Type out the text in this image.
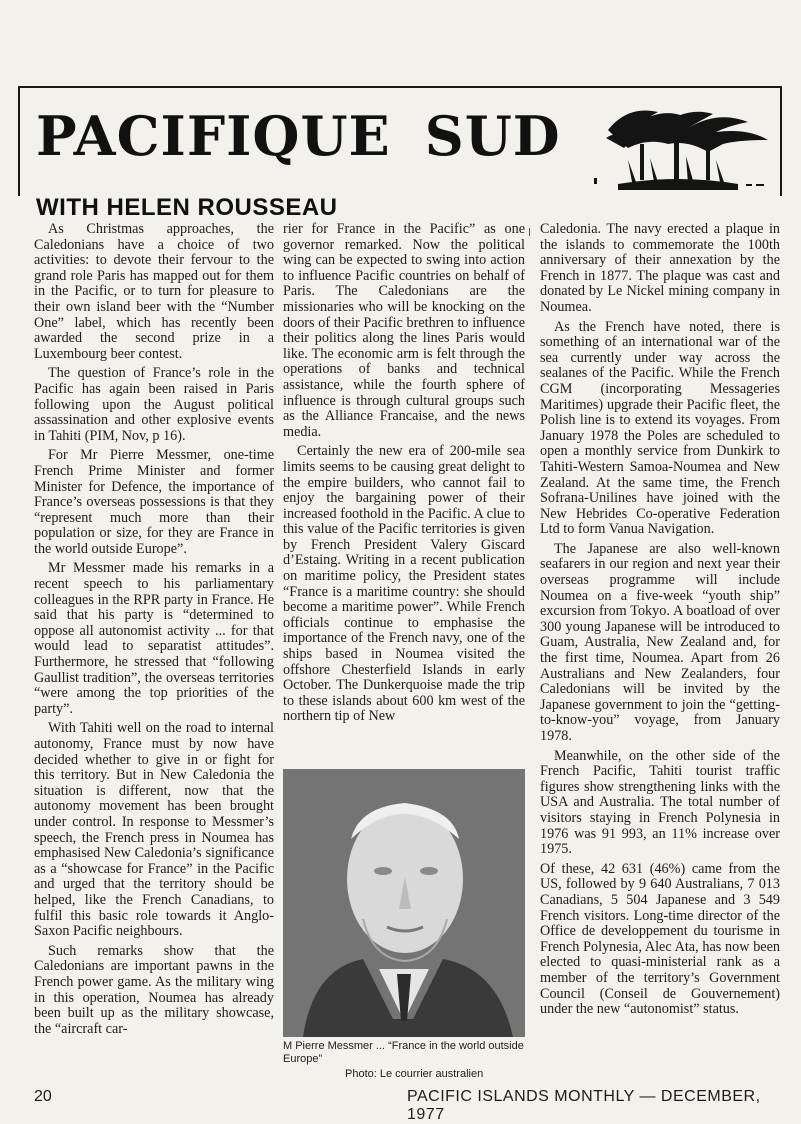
PACIFIQUE SUD
WITH HELEN ROUSSEAU

As Christmas approaches, the Caledonians have a choice of two activities: to devote their fervour to the grand role Paris has mapped out for them in the Pacific, or to turn for pleasure to their own island beer with the “Number One” label, which has recently been awarded the second prize in a Luxembourg beer contest.

The question of France’s role in the Pacific has again been raised in Paris following upon the August political assassination and other explosive events in Tahiti (PIM, Nov, p 16).

For Mr Pierre Messmer, one-time French Prime Minister and former Minister for Defence, the importance of France’s overseas possessions is that they “represent much more than their population or size, for they are France in the world outside Europe”.

Mr Messmer made his remarks in a recent speech to his parliamentary colleagues in the RPR party in France. He said that his party is “determined to oppose all autonomist activity ... for that would lead to separatist attitudes”. Furthermore, he stressed that “following Gaullist tradition”, the overseas territories “were among the top priorities of the party”.

With Tahiti well on the road to internal autonomy, France must by now have decided whether to give in or fight for this territory. But in New Caledonia the situation is different, now that the autonomy movement has been brought under control. In response to Messmer’s speech, the French press in Noumea has emphasised New Caledonia’s significance as a “showcase for France” in the Pacific and urged that the territory should be helped, like the French Canadians, to fulfil this basic role towards it Anglo-Saxon Pacific neighbours.

Such remarks show that the Caledonians are important pawns in the French power game. As the military wing in this operation, Noumea has already been built up as the military showcase, the “aircraft car-

rier for France in the Pacific” as one governor remarked. Now the political wing can be expected to swing into action to influence Pacific countries on behalf of Paris. The Caledonians are the missionaries who will be knocking on the doors of their Pacific brethren to influence their politics along the lines Paris would like. The economic arm is felt through the operations of banks and technical assistance, while the fourth sphere of influence is through cultural groups such as the Alliance Francaise, and the news media.

Certainly the new era of 200-mile sea limits seems to be causing great delight to the empire builders, who cannot fail to enjoy the bargaining power of their increased foothold in the Pacific. A clue to this value of the Pacific territories is given by French President Valery Giscard d’Estaing. Writing in a recent publication on maritime policy, the President states “France is a maritime country: she should become a maritime power”. While French officials continue to emphasise the importance of the French navy, one of the ships based in Noumea visited the offshore Chesterfield Islands in early October. The Dunkerquoise made the trip to these islands about 600 km west of the northern tip of New

M Pierre Messmer ... “France in the world outside Europe”
Photo: Le courrier australien

Caledonia. The navy erected a plaque in the islands to commemorate the 100th anniversary of their annexation by the French in 1877. The plaque was cast and donated by Le Nickel mining company in Noumea.

As the French have noted, there is something of an international war of the sea currently under way across the sealanes of the Pacific. While the French CGM (incorporating Messageries Maritimes) upgrade their Pacific fleet, the Polish line is to extend its voyages. From January 1978 the Poles are scheduled to open a monthly service from Dunkirk to Tahiti-Western Samoa-Noumea and New Zealand. At the same time, the French Sofrana-Unilines have joined with the New Hebrides Co-operative Federation Ltd to form Vanua Navigation.

The Japanese are also well-known seafarers in our region and next year their overseas programme will include Noumea on a five-week “youth ship” excursion from Tokyo. A boatload of over 300 young Japanese will be introduced to Guam, Australia, New Zealand and, for the first time, Noumea. Apart from 26 Australians and New Zealanders, four Caledonians will be invited by the Japanese government to join the “getting-to-know-you” voyage, from January 1978.

Meanwhile, on the other side of the French Pacific, Tahiti tourist traffic figures show strengthening links with the USA and Australia. The total number of visitors staying in French Polynesia in 1976 was 91 993, an 11% increase over 1975.

Of these, 42 631 (46%) came from the US, followed by 9 640 Australians, 7 013 Canadians, 5 504 Japanese and 3 549 French visitors. Long-time director of the Office de developpement du tourisme in French Polynesia, Alec Ata, has now been elected to quasi-ministerial rank as a member of the territory’s Government Council (Conseil de Gouvernement) under the new “autonomist” status.

20	PACIFIC ISLANDS MONTHLY — DECEMBER, 1977
